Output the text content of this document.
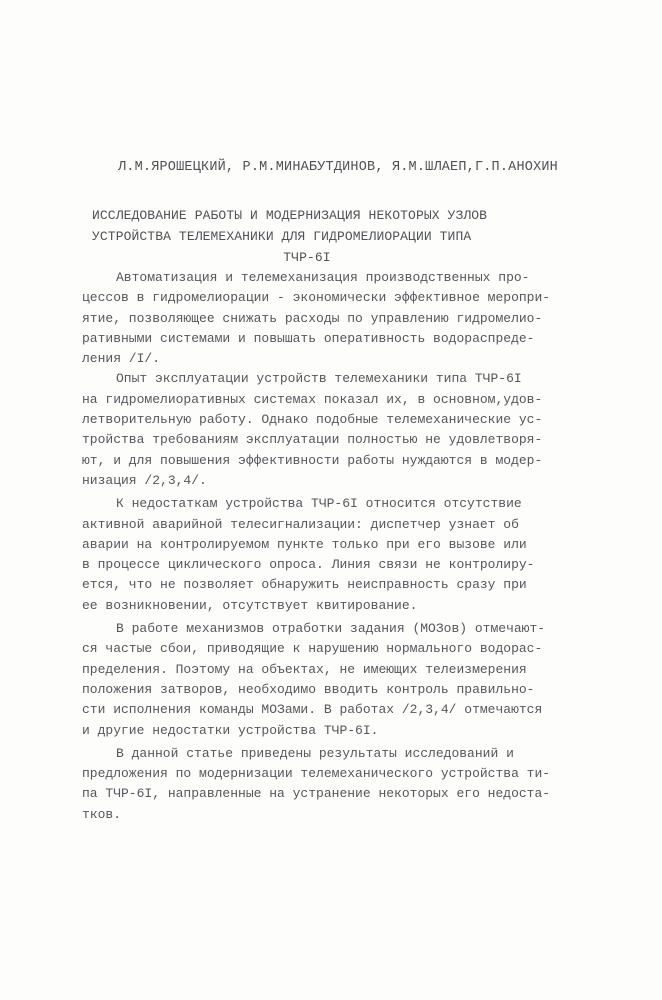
Л.М.ЯРОШЕЦКИЙ, Р.М.МИНАБУТДИНОВ, Я.М.ШЛАЕП,Г.П.АНОХИН
ИССЛЕДОВАНИЕ РАБОТЫ И МОДЕРНИЗАЦИЯ НЕКОТОРЫХ УЗЛОВ
УСТРОЙСТВА ТЕЛЕМЕХАНИКИ ДЛЯ ГИДРОМЕЛИОРАЦИИ ТИПА
ТЧР-6I
Автоматизация и телемеханизация производственных про-
цессов в гидромелиорации - экономически эффективное меропри-
ятие, позволяющее снижать расходы по управлению гидромелио-
ративными системами и повышать оперативность водораспреде-
ления /I/.
Опыт эксплуатации устройств телемеханики типа ТЧР-6I
на гидромелиоративных системах показал их, в основном,удов-
летворительную работу. Однако подобные телемеханические ус-
тройства требованиям эксплуатации полностью не удовлетворя-
ют, и для повышения эффективности работы нуждаются в модер-
низация /2,3,4/.
К недостаткам устройства ТЧР-6I относится отсутствие
активной аварийной телесигнализации: диспетчер узнает об
аварии на контролируемом пункте только при его вызове или
в процессе циклического опроса. Линия связи не контролиру-
ется, что не позволяет обнаружить неисправность сразу при
ее возникновении, отсутствует квитирование.
В работе механизмов отработки задания (МОЗов) отмечают-
ся частые сбои, приводящие к нарушению нормального водорас-
пределения. Поэтому на объектах, не имеющих телеизмерения
положения затворов, необходимо вводить контроль правильно-
сти исполнения команды МОЗами. В работах /2,3,4/ отмечаются
и другие недостатки устройства ТЧР-6I.
В данной статье приведены результаты исследований и
предложения по модернизации телемеханического устройства ти-
па ТЧР-6I, направленные на устранение некоторых его недоста-
тков.
